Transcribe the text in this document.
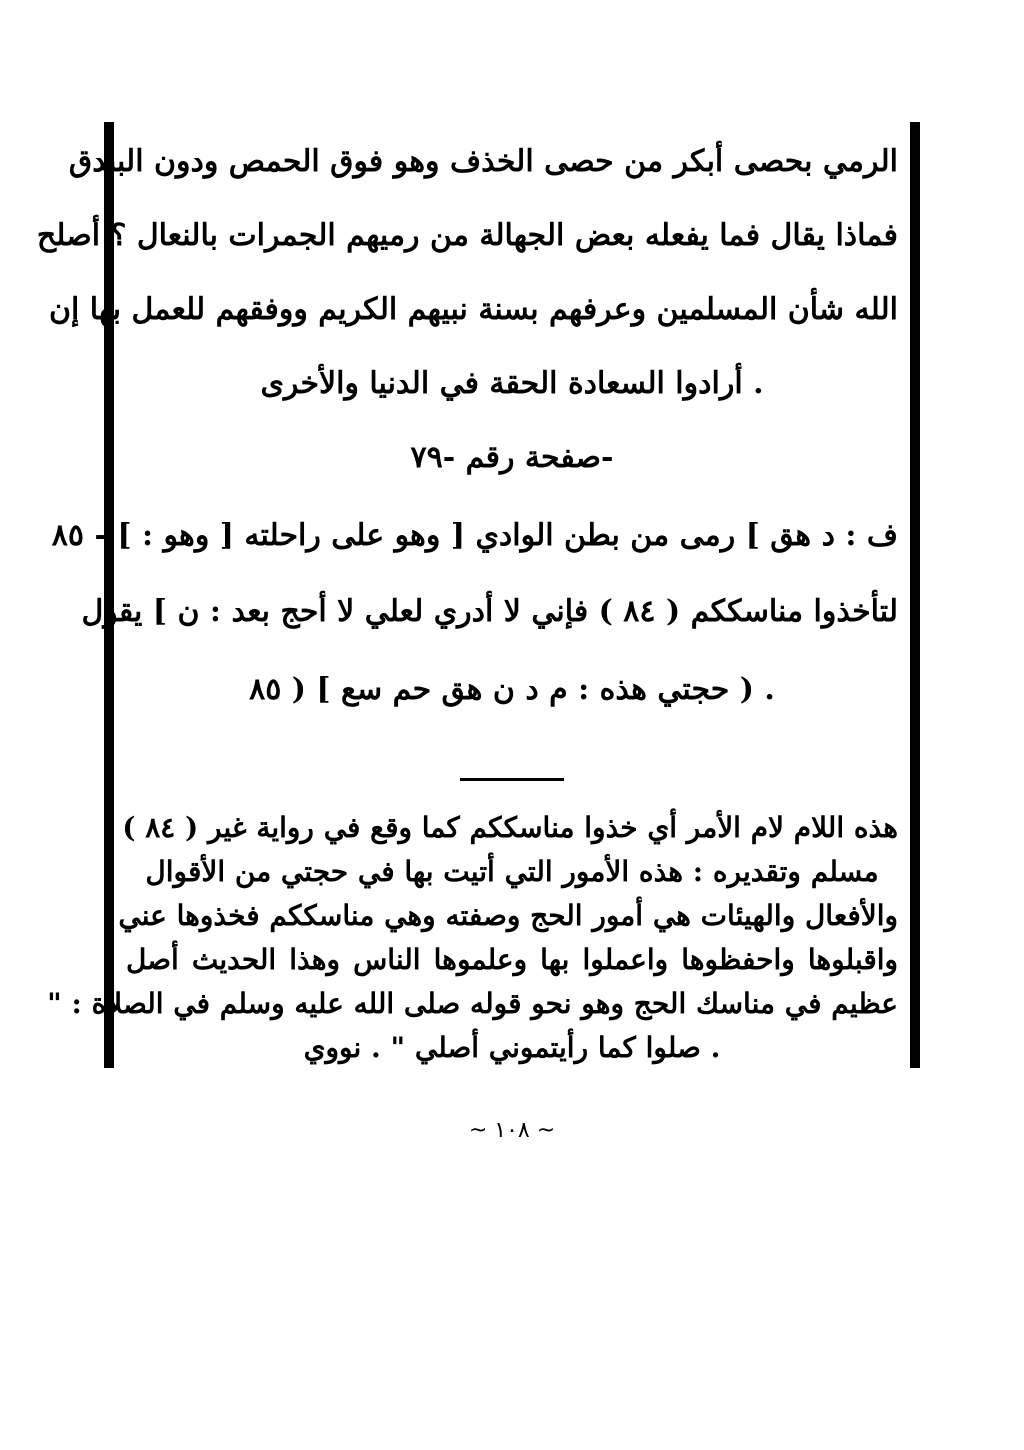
الرمي بحصى أبكر من حصى الخذف وهو فوق الحمص ودون البندق
فماذا يقال فما يفعله بعض الجهالة من رميهم الجمرات بالنعال ؟ أصلح
الله شأن المسلمين وعرفهم بسنة نبيهم الكريم ووفقهم للعمل بها إن
. أرادوا السعادة الحقة في الدنيا والأخرى
-صفحة رقم -٧٩
ف : د هق ] رمى من بطن الوادي [ وهو على راحلته [ وهو : ] - ٨٥
لتأخذوا مناسككم ( ٨٤ ) فإني لا أدري لعلي لا أحج بعد : ن ] يقول
. ( حجتي هذه : م د ن هق حم سع ] ( ٨٥
هذه اللام لام الأمر أي خذوا مناسككم كما وقع في رواية غير ( ٨٤ )
مسلم وتقديره : هذه الأمور التي أتيت بها في حجتي من الأقوال
والأفعال والهيئات هي أمور الحج وصفته وهي مناسككم فخذوها عني
واقبلوها واحفظوها واعملوا بها وعلموها الناس وهذا الحديث أصل
عظيم في مناسك الحج وهو نحو قوله صلى الله عليه وسلم في الصلاة : "
. صلوا كما رأيتموني أصلي " . نووي
~ ١٠٨ ~
